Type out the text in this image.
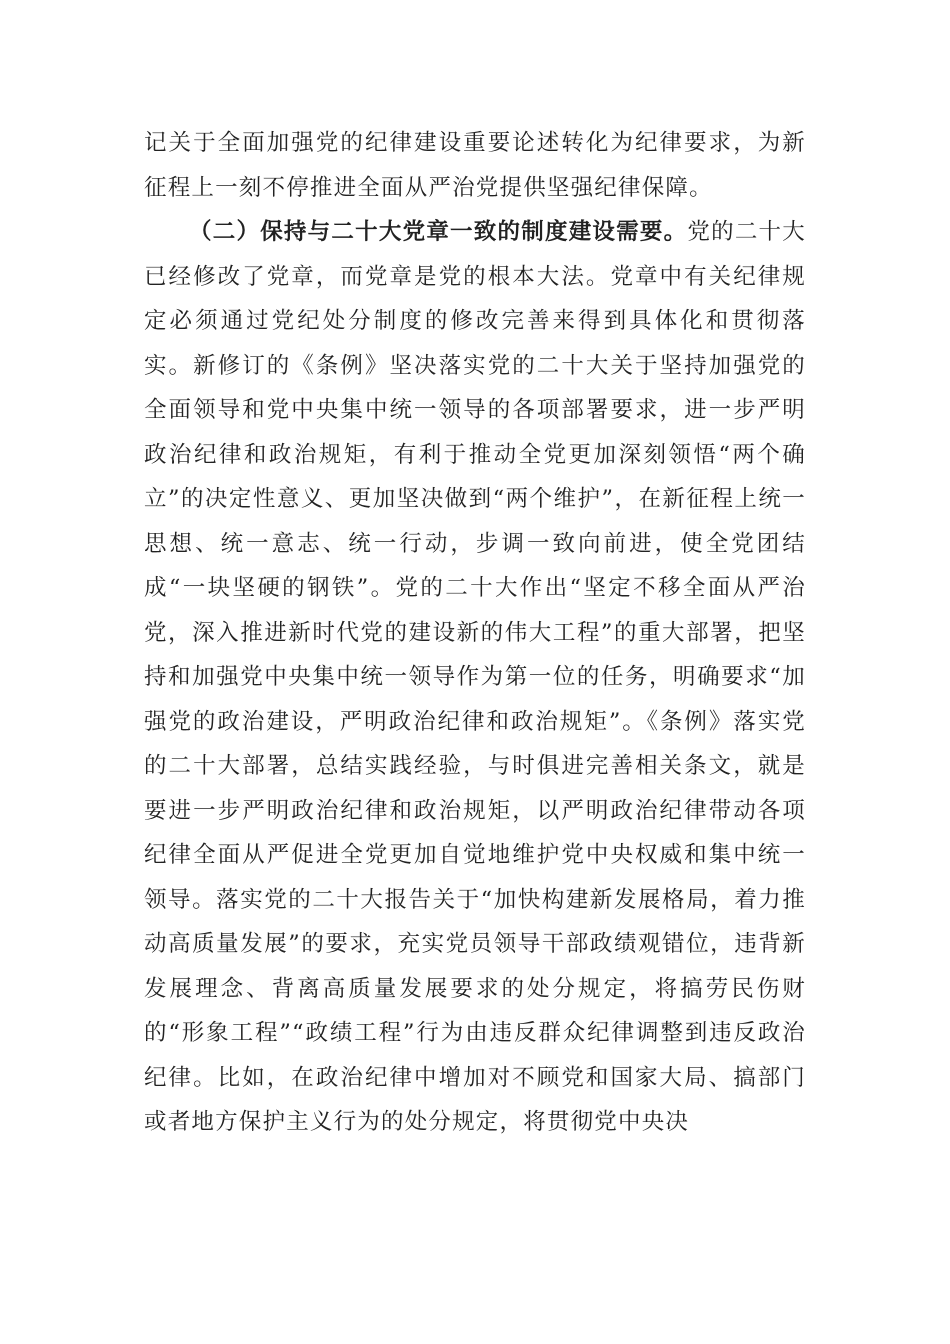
记关于全面加强党的纪律建设重要论述转化为纪律要求，为新征程上一刻不停推进全面从严治党提供坚强纪律保障。

（二）保持与二十大党章一致的制度建设需要。党的二十大已经修改了党章，而党章是党的根本大法。党章中有关纪律规定必须通过党纪处分制度的修改完善来得到具体化和贯彻落实。新修订的《条例》坚决落实党的二十大关于坚持加强党的全面领导和党中央集中统一领导的各项部署要求，进一步严明政治纪律和政治规矩，有利于推动全党更加深刻领悟“两个确立”的决定性意义、更加坚决做到“两个维护”，在新征程上统一思想、统一意志、统一行动，步调一致向前进，使全党团结成“一块坚硬的钢铁”。党的二十大作出“坚定不移全面从严治党，深入推进新时代党的建设新的伟大工程”的重大部署，把坚持和加强党中央集中统一领导作为第一位的任务，明确要求“加强党的政治建设，严明政治纪律和政治规矩”。《条例》落实党的二十大部署，总结实践经验，与时俱进完善相关条文，就是要进一步严明政治纪律和政治规矩，以严明政治纪律带动各项纪律全面从严促进全党更加自觉地维护党中央权威和集中统一领导。落实党的二十大报告关于“加快构建新发展格局，着力推动高质量发展”的要求，充实党员领导干部政绩观错位，违背新发展理念、背离高质量发展要求的处分规定，将搞劳民伤财的“形象工程”“政绩工程”行为由违反群众纪律调整到违反政治纪律。比如，在政治纪律中增加对不顾党和国家大局、搞部门或者地方保护主义行为的处分规定，将贯彻党中央决
